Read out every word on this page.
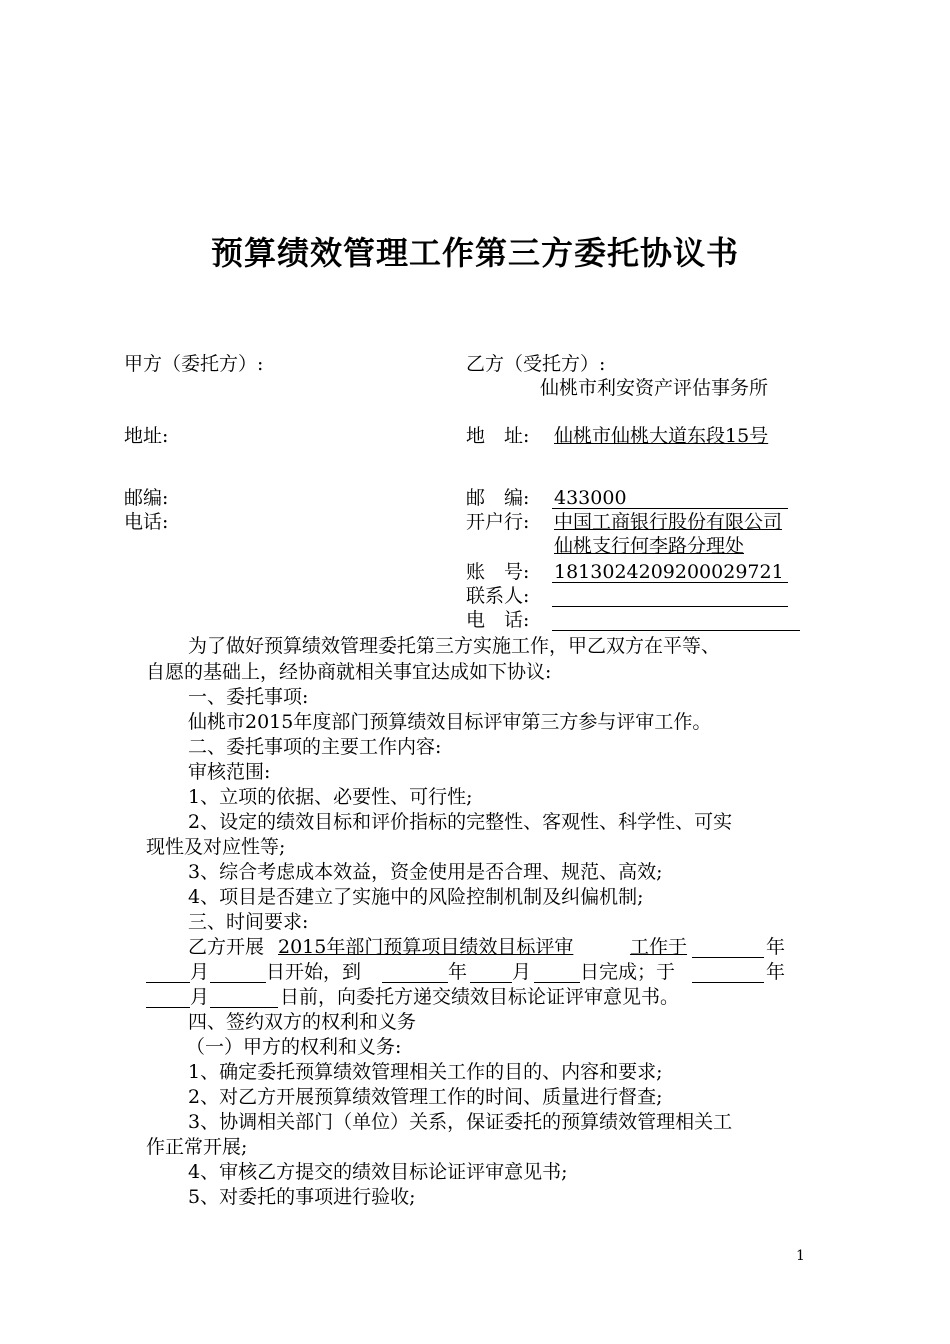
预算绩效管理工作第三方委托协议书
甲方（委托方）:
地址:
邮编:
电话:
乙方（受托方）:
仙桃市利安资产评估事务所
地　址: 仙桃市仙桃大道东段15号
邮　编: 433000
开户行: 中国工商银行股份有限公司
仙桃支行何李路分理处
账　号: 1813024209200029721
联系人:
电　话:
为了做好预算绩效管理委托第三方实施工作，甲乙双方在平等、
自愿的基础上，经协商就相关事宜达成如下协议:
一、委托事项:
仙桃市2015年度部门预算绩效目标评审第三方参与评审工作。
二、委托事项的主要工作内容:
审核范围:
1、立项的依据、必要性、可行性;
2、设定的绩效目标和评价指标的完整性、客观性、科学性、可实
现性及对应性等;
3、综合考虑成本效益，资金使用是否合理、规范、高效;
4、项目是否建立了实施中的风险控制机制及纠偏机制;
三、时间要求:
乙方开展 2015年部门预算项目绩效目标评审	工作于	年
月	日开始，到	年 月	日完成；于	年
月	日前，向委托方递交绩效目标论证评审意见书。
四、签约双方的权利和义务
（一）甲方的权利和义务:
1、确定委托预算绩效管理相关工作的目的、内容和要求;
2、对乙方开展预算绩效管理工作的时间、质量进行督查;
3、协调相关部门（单位）关系，保证委托的预算绩效管理相关工
作正常开展;
4、审核乙方提交的绩效目标论证评审意见书;
5、对委托的事项进行验收;
1
